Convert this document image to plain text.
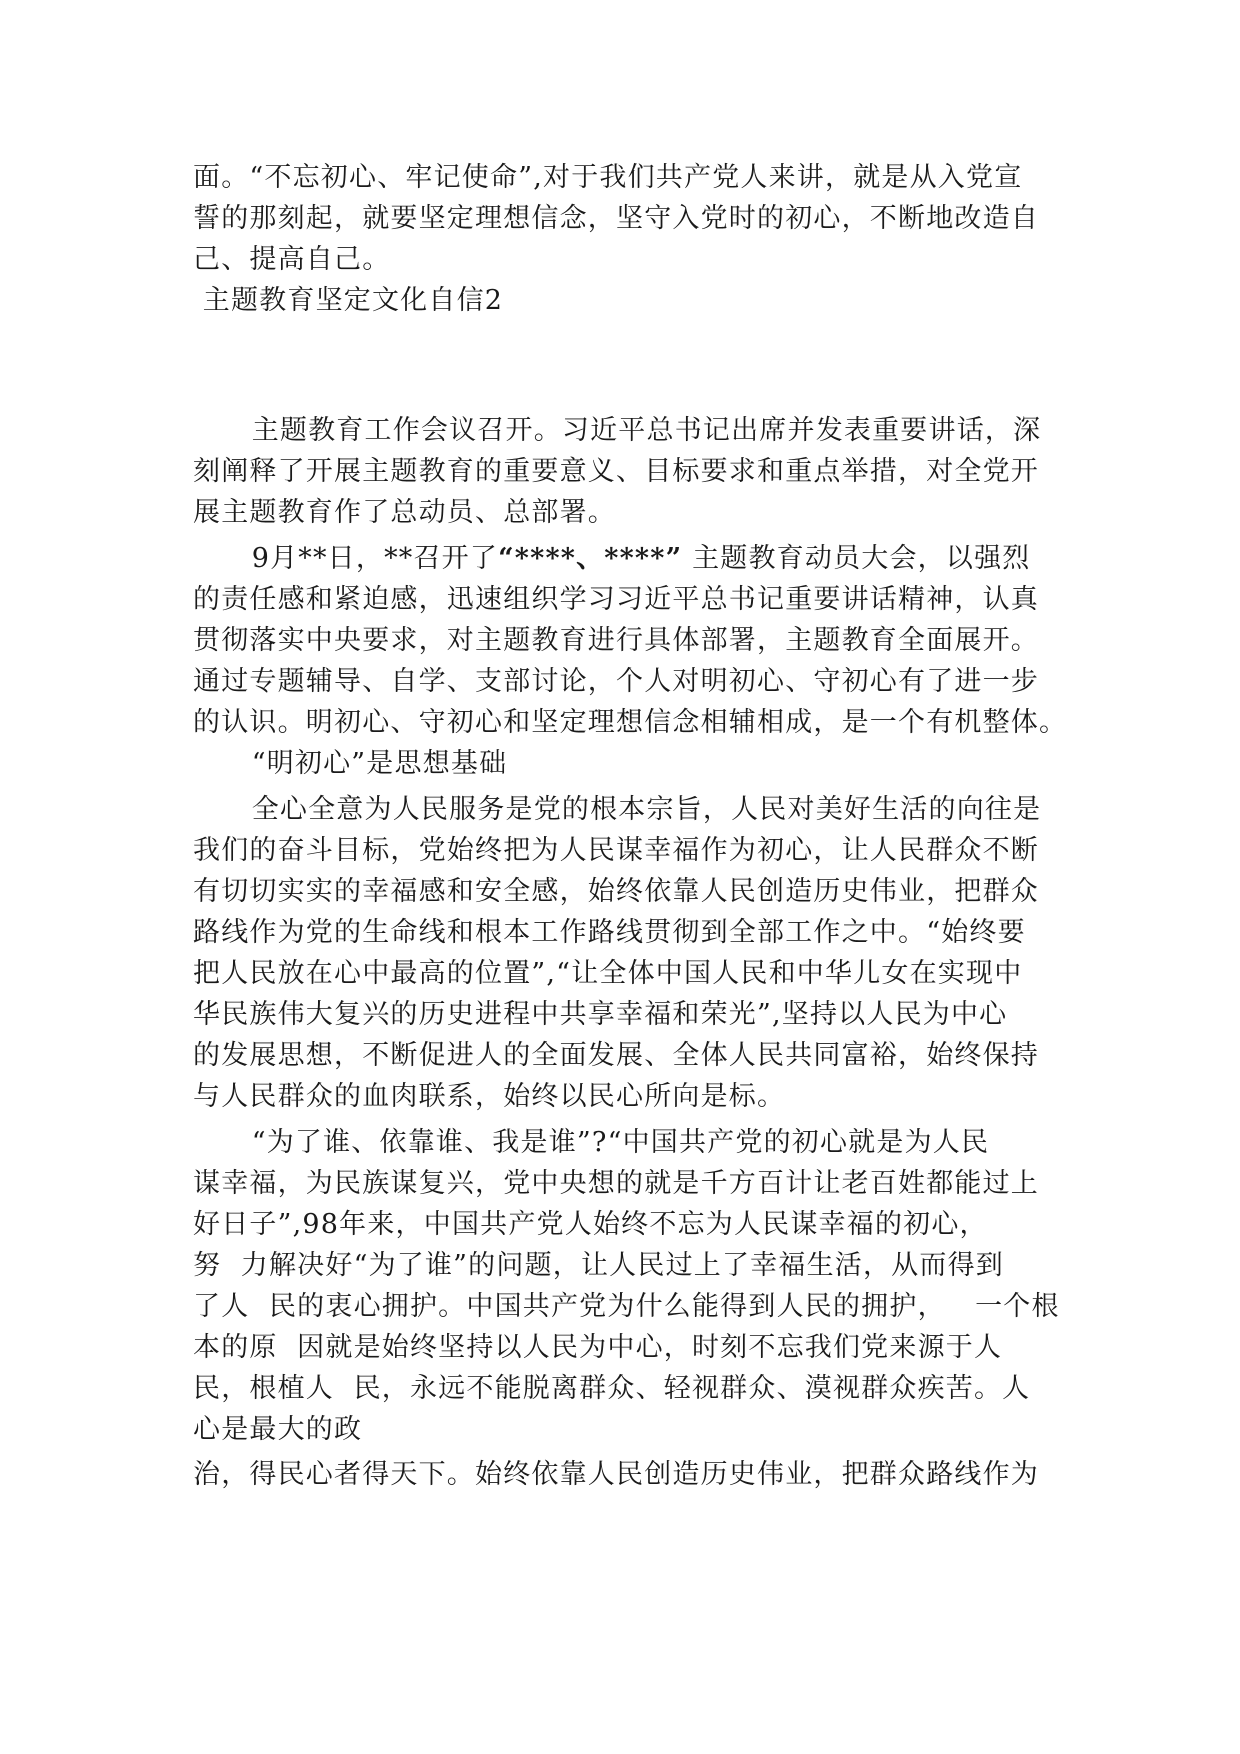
面。“不忘初心、牢记使命”,对于我们共产党人来讲，就是从入党宣
誓的那刻起，就要坚定理想信念，坚守入党时的初心，不断地改造自
己、提高自己。
主题教育坚定文化自信2
主题教育工作会议召开。习近平总书记出席并发表重要讲话，深
刻阐释了开展主题教育的重要意义、目标要求和重点举措，对全党开
展主题教育作了总动员、总部署。
9月**日，**召开了“****、****” 主题教育动员大会，以强烈
的责任感和紧迫感，迅速组织学习习近平总书记重要讲话精神，认真
贯彻落实中央要求，对主题教育进行具体部署，主题教育全面展开。
通过专题辅导、自学、支部讨论，个人对明初心、守初心有了进一步
的认识。明初心、守初心和坚定理想信念相辅相成，是一个有机整体。
“明初心”是思想基础
全心全意为人民服务是党的根本宗旨，人民对美好生活的向往是
我们的奋斗目标，党始终把为人民谋幸福作为初心，让人民群众不断
有切切实实的幸福感和安全感，始终依靠人民创造历史伟业，把群众
路线作为党的生命线和根本工作路线贯彻到全部工作之中。“始终要
把人民放在心中最高的位置”,“让全体中国人民和中华儿女在实现中
华民族伟大复兴的历史进程中共享幸福和荣光”,坚持以人民为中心
的发展思想，不断促进人的全面发展、全体人民共同富裕，始终保持
与人民群众的血肉联系，始终以民心所向是标。
“为了谁、依靠谁、我是谁”?“中国共产党的初心就是为人民
谋幸福，为民族谋复兴，党中央想的就是千方百计让老百姓都能过上
好日子”,98年来，中国共产党人始终不忘为人民谋幸福的初心，
努  力解决好“为了谁”的问题，让人民过上了幸福生活，从而得到
了人  民的衷心拥护。中国共产党为什么能得到人民的拥护，   一个根
本的原  因就是始终坚持以人民为中心，时刻不忘我们党来源于人
民，根植人  民，永远不能脱离群众、轻视群众、漠视群众疾苦。人
心是最大的政
治，得民心者得天下。始终依靠人民创造历史伟业，把群众路线作为
